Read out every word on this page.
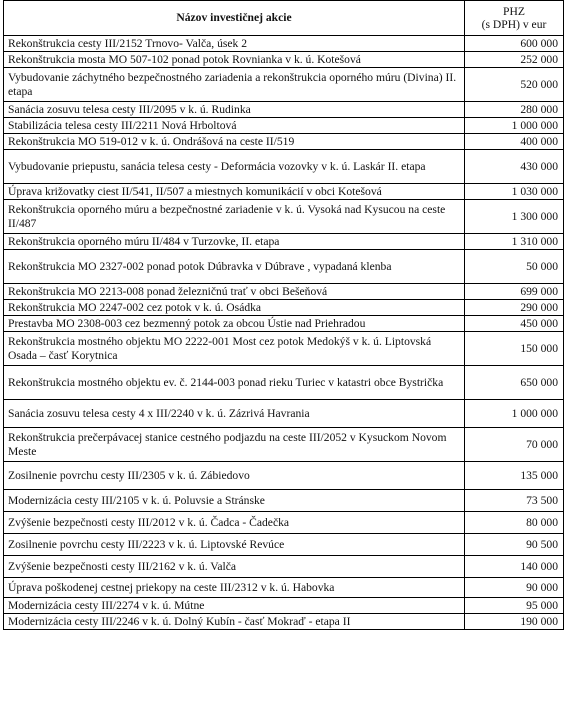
Názov investičnej akcie	PHZ
(s DPH) v eur
Rekonštrukcia cesty III/2152 Trnovo- Valča, úsek 2	600 000
Rekonštrukcia mosta MO 507-102 ponad potok Rovnianka v k. ú. Kotešová	252 000
Vybudovanie záchytného bezpečnostného zariadenia a rekonštrukcia oporného múru (Divina) II. etapa	520 000
Sanácia zosuvu telesa cesty III/2095 v k. ú. Rudinka	280 000
Stabilizácia telesa cesty III/2211 Nová Hrboltová	1 000 000
Rekonštrukcia MO 519-012 v k. ú. Ondrášová na ceste II/519	400 000
Vybudovanie priepustu, sanácia telesa cesty - Deformácia vozovky v k. ú. Laskár II. etapa	430 000
Úprava križovatky ciest II/541, II/507 a miestnych komunikácií v obci Kotešová	1 030 000
Rekonštrukcia oporného múru a bezpečnostné zariadenie v k. ú. Vysoká nad Kysucou na ceste II/487	1 300 000
Rekonštrukcia oporného múru II/484 v Turzovke, II. etapa	1 310 000
Rekonštrukcia MO 2327-002 ponad potok Dúbravka v Dúbrave , vypadaná klenba	50 000
Rekonštrukcia MO 2213-008 ponad železničnú trať v obci Bešeňová	699 000
Rekonštrukcia MO 2247-002 cez potok v k. ú. Osádka	290 000
Prestavba MO 2308-003 cez bezmenný potok za obcou Ústie nad Priehradou	450 000
Rekonštrukcia mostného objektu MO 2222-001 Most cez potok Medokýš v k. ú. Liptovská Osada – časť Korytnica	150 000
Rekonštrukcia mostného objektu ev. č. 2144-003 ponad rieku Turiec v katastri obce Bystrička	650 000
Sanácia zosuvu telesa cesty 4 x III/2240 v k. ú. Zázrivá Havrania	1 000 000
Rekonštrukcia prečerpávacej stanice cestného podjazdu na ceste III/2052 v Kysuckom Novom Meste	70 000
Zosilnenie povrchu cesty III/2305 v k. ú. Zábiedovo	135 000
Modernizácia cesty III/2105 v k. ú. Poluvsie a Stránske	73 500
Zvýšenie bezpečnosti cesty III/2012 v k. ú. Čadca - Čadečka	80 000
Zosilnenie povrchu cesty III/2223 v k. ú. Liptovské Revúce	90 500
Zvýšenie bezpečnosti cesty III/2162 v k. ú. Valča	140 000
Úprava poškodenej cestnej priekopy na ceste III/2312 v k. ú. Habovka	90 000
Modernizácia cesty III/2274 v k. ú. Mútne	95 000
Modernizácia cesty III/2246 v k. ú. Dolný Kubín - časť Mokraď - etapa II	190 000
